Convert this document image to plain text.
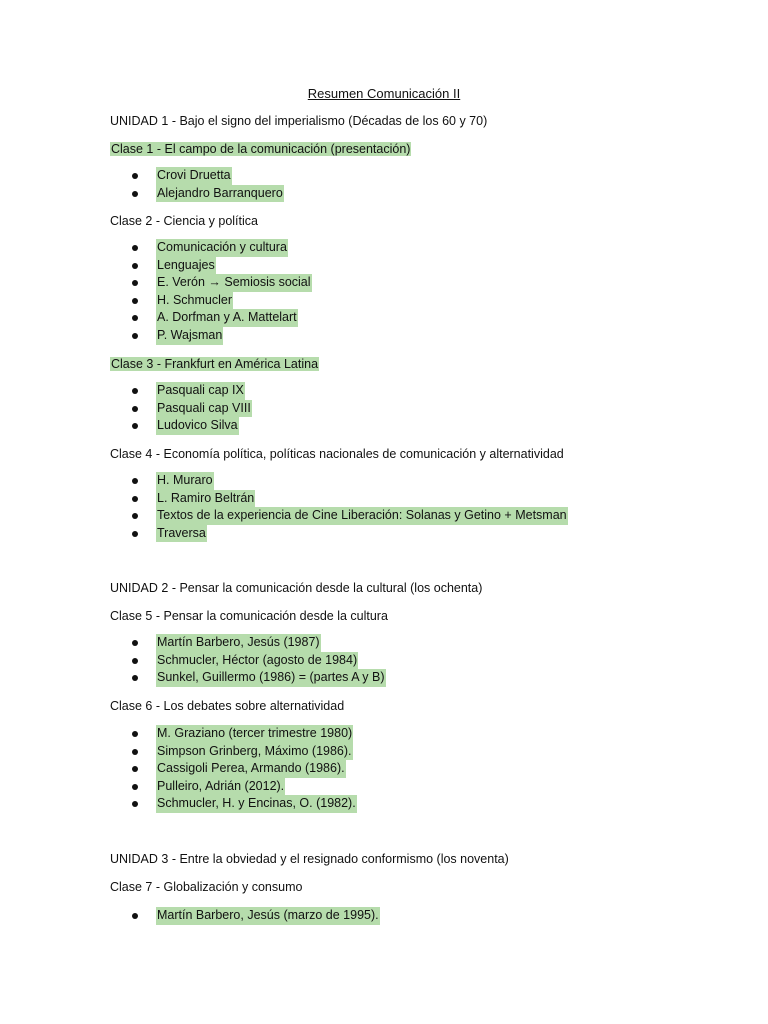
Resumen Comunicación II

UNIDAD 1 - Bajo el signo del imperialismo (Décadas de los 60 y 70)

Clase 1 - El campo de la comunicación (presentación)

Crovi Druetta
Alejandro Barranquero

Clase 2 - Ciencia y política

Comunicación y cultura
Lenguajes
E. Verón → Semiosis social
H. Schmucler
A. Dorfman y A. Mattelart
P. Wajsman

Clase 3 - Frankfurt en América Latina

Pasquali cap IX
Pasquali cap VIII
Ludovico Silva

Clase 4 - Economía política, políticas nacionales de comunicación y alternatividad

H. Muraro
L. Ramiro Beltrán
Textos de la experiencia de Cine Liberación: Solanas y Getino + Metsman
Traversa

UNIDAD 2 - Pensar la comunicación desde la cultural (los ochenta)

Clase 5 - Pensar la comunicación desde la cultura

Martín Barbero, Jesús (1987)
Schmucler, Héctor (agosto de 1984)
Sunkel, Guillermo (1986) = (partes A y B)

Clase 6 - Los debates sobre alternatividad

M. Graziano (tercer trimestre 1980)
Simpson Grinberg, Máximo (1986).
Cassigoli Perea, Armando (1986).
Pulleiro, Adrián (2012).
Schmucler, H. y Encinas, O. (1982).

UNIDAD 3 - Entre la obviedad y el resignado conformismo (los noventa)

Clase 7 - Globalización y consumo

Martín Barbero, Jesús (marzo de 1995).
